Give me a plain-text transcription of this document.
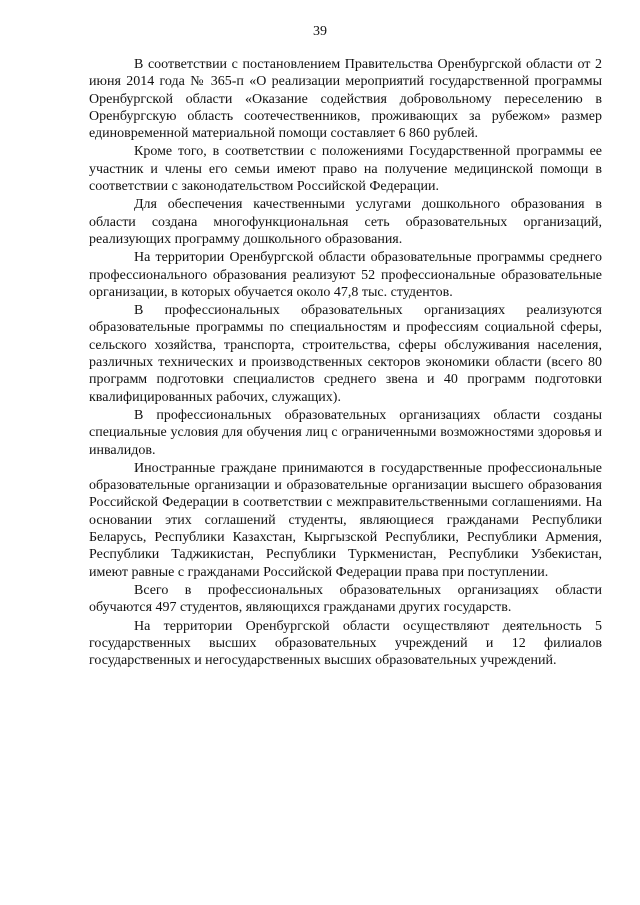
39

В соответствии с постановлением Правительства Оренбургской области от 2 июня 2014 года № 365-п «О реализации мероприятий государственной программы Оренбургской области «Оказание содействия добровольному переселению в Оренбургскую область соотечественников, проживающих за рубежом» размер единовременной материальной помощи составляет 6 860 рублей.

Кроме того, в соответствии с положениями Государственной программы ее участник и члены его семьи имеют право на получение медицинской помощи в соответствии с законодательством Российской Федерации.

Для обеспечения качественными услугами дошкольного образования в области создана многофункциональная сеть образовательных организаций, реализующих программу дошкольного образования.

На территории Оренбургской области образовательные программы среднего профессионального образования реализуют 52 профессиональные образовательные организации, в которых обучается около 47,8 тыс. студентов.

В профессиональных образовательных организациях реализуются образовательные программы по специальностям и профессиям социальной сферы, сельского хозяйства, транспорта, строительства, сферы обслуживания населения, различных технических и производственных секторов экономики области (всего 80 программ подготовки специалистов среднего звена и 40 программ подготовки квалифицированных рабочих, служащих).

В профессиональных образовательных организациях области созданы специальные условия для обучения лиц с ограниченными возможностями здоровья и инвалидов.

Иностранные граждане принимаются в государственные профессиональные образовательные организации и образовательные организации высшего образования Российской Федерации в соответствии с межправительственными соглашениями. На основании этих соглашений студенты, являющиеся гражданами Республики Беларусь, Республики Казахстан, Кыргызской Республики, Республики Армения, Республики Таджикистан, Республики Туркменистан, Республики Узбекистан, имеют равные с гражданами Российской Федерации права при поступлении.

Всего в профессиональных образовательных организациях области обучаются 497 студентов, являющихся гражданами других государств.

На территории Оренбургской области осуществляют деятельность 5 государственных высших образовательных учреждений и 12 филиалов государственных и негосударственных высших образовательных учреждений.
